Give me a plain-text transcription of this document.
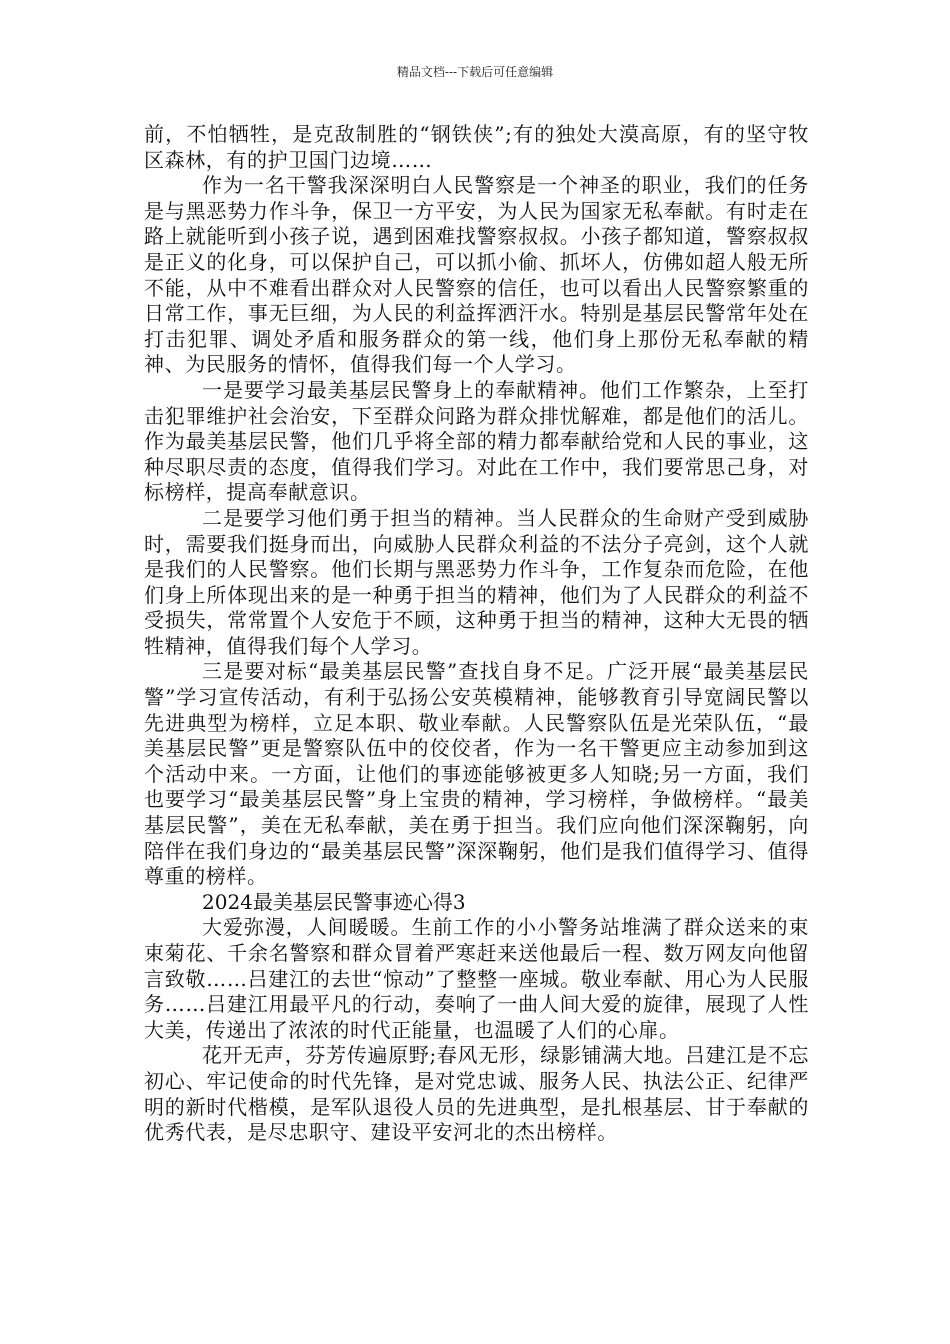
精品文档---下载后可任意编辑

前，不怕牺牲，是克敌制胜的“钢铁侠”;有的独处大漠高原，有的坚守牧区森林，有的护卫国门边境……

作为一名干警我深深明白人民警察是一个神圣的职业，我们的任务是与黑恶势力作斗争，保卫一方平安，为人民为国家无私奉献。有时走在路上就能听到小孩子说，遇到困难找警察叔叔。小孩子都知道，警察叔叔是正义的化身，可以保护自己，可以抓小偷、抓坏人，仿佛如超人般无所不能，从中不难看出群众对人民警察的信任，也可以看出人民警察繁重的日常工作，事无巨细，为人民的利益挥洒汗水。特别是基层民警常年处在打击犯罪、调处矛盾和服务群众的第一线，他们身上那份无私奉献的精神、为民服务的情怀，值得我们每一个人学习。

一是要学习最美基层民警身上的奉献精神。他们工作繁杂，上至打击犯罪维护社会治安，下至群众问路为群众排忧解难，都是他们的活儿。作为最美基层民警，他们几乎将全部的精力都奉献给党和人民的事业，这种尽职尽责的态度，值得我们学习。对此在工作中，我们要常思己身，对标榜样，提高奉献意识。

二是要学习他们勇于担当的精神。当人民群众的生命财产受到威胁时，需要我们挺身而出，向威胁人民群众利益的不法分子亮剑，这个人就是我们的人民警察。他们长期与黑恶势力作斗争，工作复杂而危险，在他们身上所体现出来的是一种勇于担当的精神，他们为了人民群众的利益不受损失，常常置个人安危于不顾，这种勇于担当的精神，这种大无畏的牺牲精神，值得我们每个人学习。

三是要对标“最美基层民警”查找自身不足。广泛开展“最美基层民警”学习宣传活动，有利于弘扬公安英模精神，能够教育引导宽阔民警以先进典型为榜样，立足本职、敬业奉献。人民警察队伍是光荣队伍，“最美基层民警”更是警察队伍中的佼佼者，作为一名干警更应主动参加到这个活动中来。一方面，让他们的事迹能够被更多人知晓;另一方面，我们也要学习“最美基层民警”身上宝贵的精神，学习榜样，争做榜样。“最美基层民警”，美在无私奉献，美在勇于担当。我们应向他们深深鞠躬，向陪伴在我们身边的“最美基层民警”深深鞠躬，他们是我们值得学习、值得尊重的榜样。

2024最美基层民警事迹心得3

大爱弥漫，人间暖暖。生前工作的小小警务站堆满了群众送来的束束菊花、千余名警察和群众冒着严寒赶来送他最后一程、数万网友向他留言致敬……吕建江的去世“惊动”了整整一座城。敬业奉献、用心为人民服务……吕建江用最平凡的行动，奏响了一曲人间大爱的旋律，展现了人性大美，传递出了浓浓的时代正能量，也温暖了人们的心扉。

花开无声，芬芳传遍原野;春风无形，绿影铺满大地。吕建江是不忘初心、牢记使命的时代先锋，是对党忠诚、服务人民、执法公正、纪律严明的新时代楷模，是军队退役人员的先进典型，是扎根基层、甘于奉献的优秀代表，是尽忠职守、建设平安河北的杰出榜样。
